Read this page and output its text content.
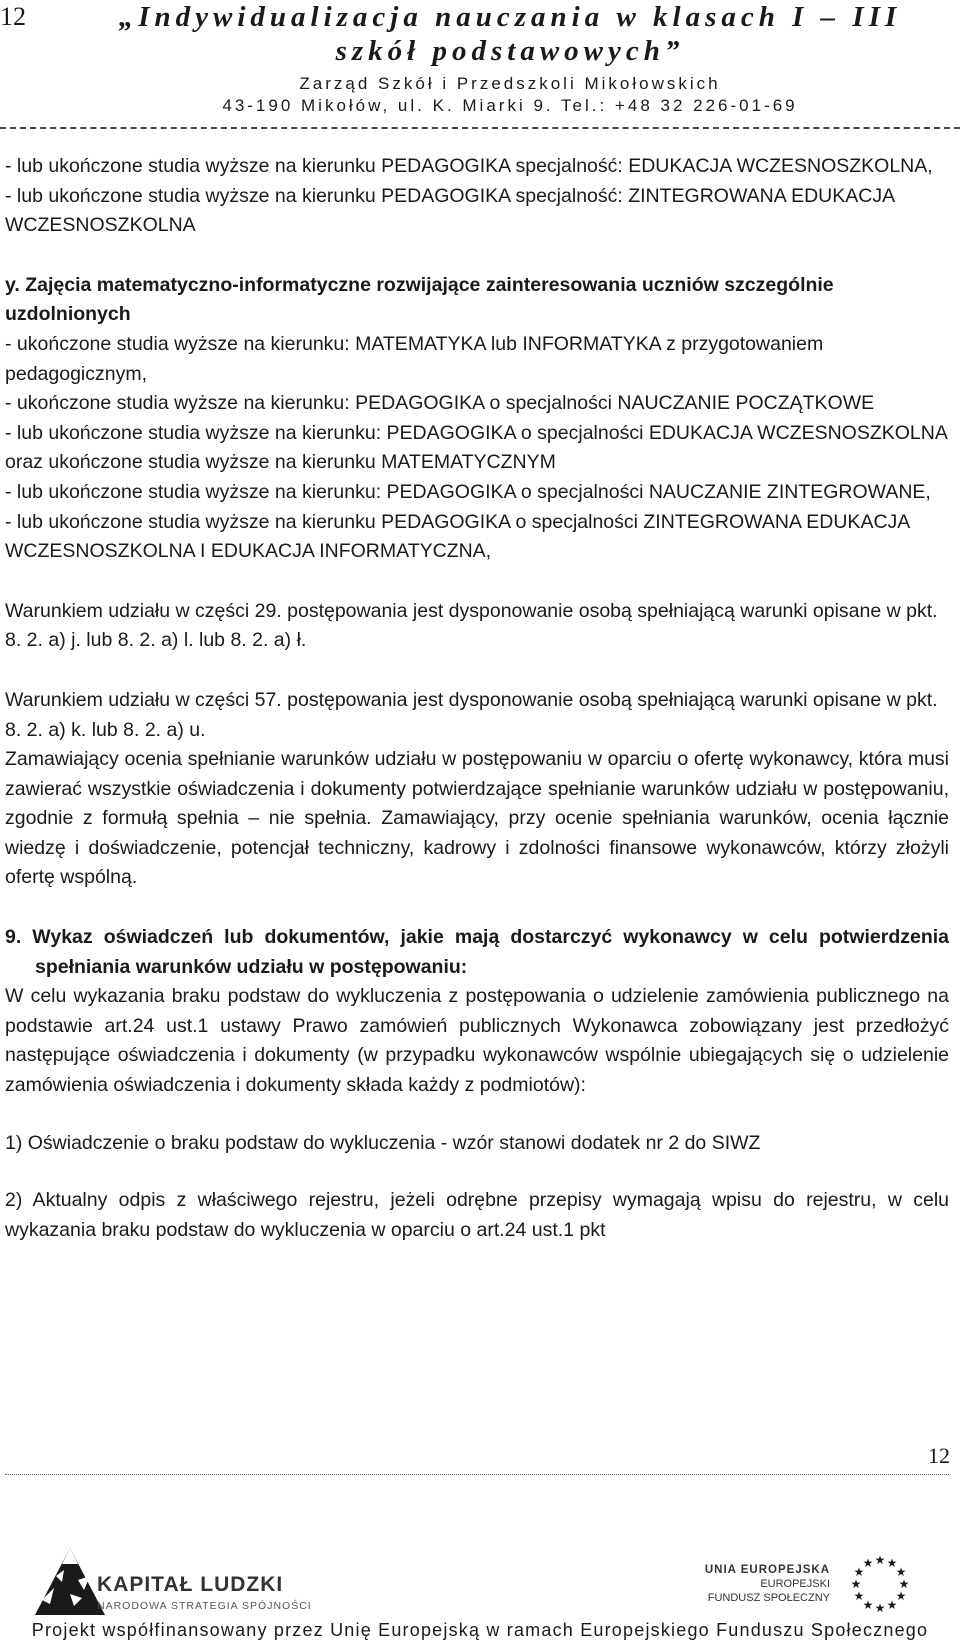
12	„Indywidualizacja nauczania w klasach I – III
szkół podstawowych”
Zarząd Szkół i Przedszkoli Mikołowskich
43-190 Mikołów, ul. K. Miarki 9. Tel.: +48 32 226-01-69

- lub ukończone studia wyższe na kierunku PEDAGOGIKA specjalność: EDUKACJA WCZESNOSZKOLNA,

- lub ukończone studia wyższe na kierunku PEDAGOGIKA specjalność: ZINTEGROWANA EDUKACJA WCZESNOSZKOLNA

y. Zajęcia matematyczno-informatyczne rozwijające zainteresowania uczniów szczególnie uzdolnionych

- ukończone studia wyższe na kierunku: MATEMATYKA lub INFORMATYKA z przygotowaniem pedagogicznym,

- ukończone studia wyższe na kierunku: PEDAGOGIKA o specjalności NAUCZANIE POCZĄTKOWE

- lub ukończone studia wyższe na kierunku: PEDAGOGIKA o specjalności EDUKACJA WCZESNOSZKOLNA oraz ukończone studia wyższe na kierunku MATEMATYCZNYM

- lub ukończone studia wyższe na kierunku: PEDAGOGIKA o specjalności NAUCZANIE ZINTEGROWANE,

- lub ukończone studia wyższe na kierunku PEDAGOGIKA o specjalności ZINTEGROWANA EDUKACJA WCZESNOSZKOLNA I EDUKACJA INFORMATYCZNA,

Warunkiem udziału w części 29. postępowania jest dysponowanie osobą spełniającą warunki opisane w pkt. 8. 2. a) j. lub 8. 2. a) l. lub 8. 2. a) ł.

Warunkiem udziału w części 57. postępowania jest dysponowanie osobą spełniającą warunki opisane w pkt. 8. 2. a) k. lub 8. 2. a) u.

Zamawiający ocenia spełnianie warunków udziału w postępowaniu w oparciu o ofertę wykonawcy, która musi zawierać wszystkie oświadczenia i dokumenty potwierdzające spełnianie warunków udziału w postępowaniu, zgodnie z formułą spełnia – nie spełnia. Zamawiający, przy ocenie spełniania warunków, ocenia łącznie wiedzę i doświadczenie, potencjał techniczny, kadrowy i zdolności finansowe wykonawców, którzy złożyli ofertę wspólną.

9. Wykaz oświadczeń lub dokumentów, jakie mają dostarczyć wykonawcy w celu potwierdzenia spełniania warunków udziału w postępowaniu:

W celu wykazania braku podstaw do wykluczenia z postępowania o udzielenie zamówienia publicznego na podstawie art.24 ust.1 ustawy Prawo zamówień publicznych Wykonawca zobowiązany jest przedłożyć następujące oświadczenia i dokumenty (w przypadku wykonawców wspólnie ubiegających się o udzielenie zamówienia oświadczenia i dokumenty składa każdy z podmiotów):

1) Oświadczenie o braku podstaw do wykluczenia - wzór stanowi dodatek nr 2 do SIWZ

2) Aktualny odpis z właściwego rejestru, jeżeli odrębne przepisy wymagają wpisu do rejestru, w celu wykazania braku podstaw do wykluczenia w oparciu o art.24 ust.1 pkt

12
KAPITAŁ LUDZKI
NARODOWA STRATEGIA SPÓJNOŚCI
UNIA EUROPEJSKA
EUROPEJSKI
FUNDUSZ SPOŁECZNY
★ ★
★
★
★
★
★
★
★
★
★
★
Projekt współfinansowany przez Unię Europejską w ramach Europejskiego Funduszu Społecznego
